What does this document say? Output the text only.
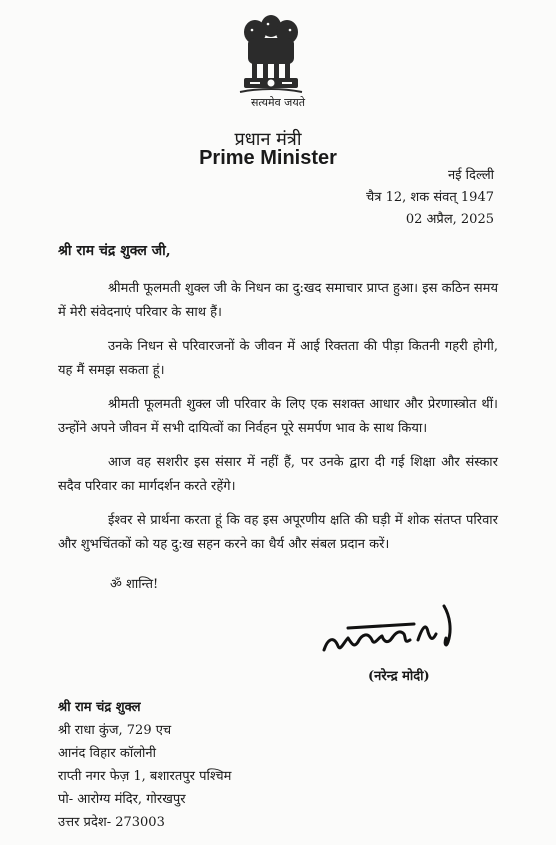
सत्यमेव जयते
प्रधान मंत्री
Prime Minister
नई दिल्ली
चैत्र 12, शक संवत् 1947
02 अप्रैल, 2025
श्री राम चंद्र शुक्ल जी,

श्रीमती फूलमती शुक्ल जी के निधन का दु:खद समाचार प्राप्त हुआ। इस कठिन समय में मेरी संवेदनाएं परिवार के साथ हैं।

उनके निधन से परिवारजनों के जीवन में आई रिक्तता की पीड़ा कितनी गहरी होगी, यह मैं समझ सकता हूं।

श्रीमती फूलमती शुक्ल जी परिवार के लिए एक सशक्त आधार और प्रेरणास्त्रोत थीं। उन्होंने अपने जीवन में सभी दायित्वों का निर्वहन पूरे समर्पण भाव के साथ किया।

आज वह सशरीर इस संसार में नहीं हैं, पर उनके द्वारा दी गई शिक्षा और संस्कार सदैव परिवार का मार्गदर्शन करते रहेंगे।

ईश्वर से प्रार्थना करता हूं कि वह इस अपूरणीय क्षति की घड़ी में शोक संतप्त परिवार और शुभचिंतकों को यह दु:ख सहन करने का धैर्य और संबल प्रदान करें।

ॐ शान्ति!
(नरेन्द्र मोदी)
श्री राम चंद्र शुक्ल
श्री राधा कुंज, 729 एच
आनंद विहार कॉलोनी
राप्ती नगर फेज़ 1, बशारतपुर पश्चिम
पो- आरोग्य मंदिर, गोरखपुर
उत्तर प्रदेश- 273003
